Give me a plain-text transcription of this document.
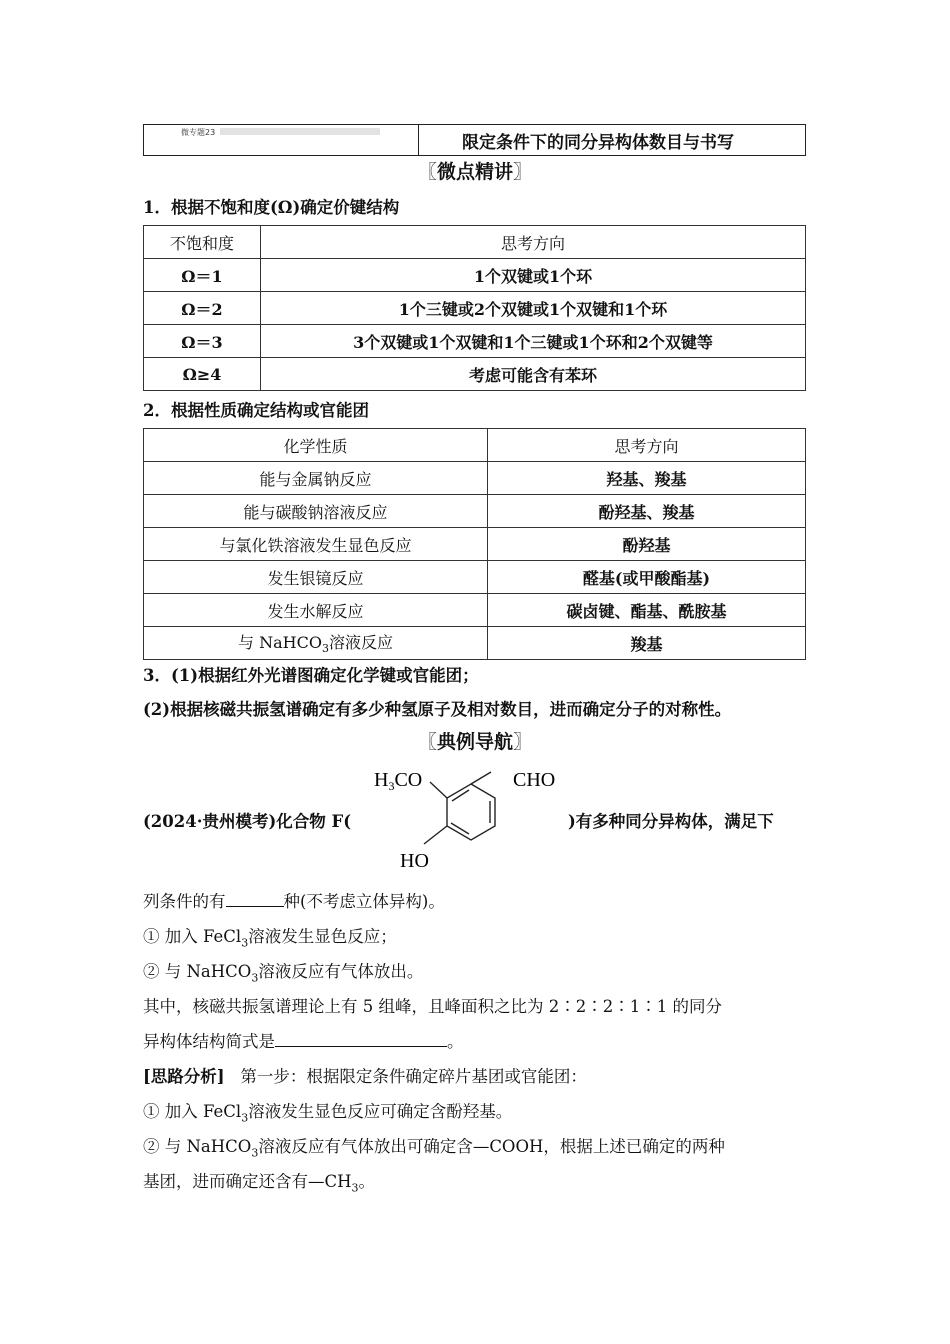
微专题23
限定条件下的同分异构体数目与书写
〖微点精讲〗
1．根据不饱和度(Ω)确定价键结构
不饱和度	思考方向
Ω＝1	1个双键或1个环
Ω＝2	1个三键或2个双键或1个双键和1个环
Ω＝3	3个双键或1个双键和1个三键或1个环和2个双键等
Ω≥4	考虑可能含有苯环
2．根据性质确定结构或官能团
化学性质	思考方向
能与金属钠反应	羟基、羧基
能与碳酸钠溶液反应	酚羟基、羧基
与氯化铁溶液发生显色反应	酚羟基
发生银镜反应	醛基(或甲酸酯基)
发生水解反应	碳卤键、酯基、酰胺基
与 NaHCO$_3$溶液反应	羧基
3．(1)根据红外光谱图确定化学键或官能团；
(2)根据核磁共振氢谱确定有多少种氢原子及相对数目，进而确定分子的对称性。
〖典例导航〗
$H_3CO$	CHO
HO
(2024·贵州模考)化合物 F(	)有多种同分异构体，满足下
列条件的有	种(不考虑立体异构)。
① 加入 FeCl$_3$溶液发生显色反应；
② 与 NaHCO$_3$溶液反应有气体放出。
其中，核磁共振氢谱理论上有 5 组峰，且峰面积之比为 2∶2∶2∶1∶1 的同分
异构体结构简式是	。
[思路分析] 第一步：根据限定条件确定碎片基团或官能团：
① 加入 FeCl$_3$溶液发生显色反应可确定含酚羟基。
② 与 NaHCO$_3$溶液反应有气体放出可确定含—COOH，根据上述已确定的两种
基团，进而确定还含有$—CH_3$。
